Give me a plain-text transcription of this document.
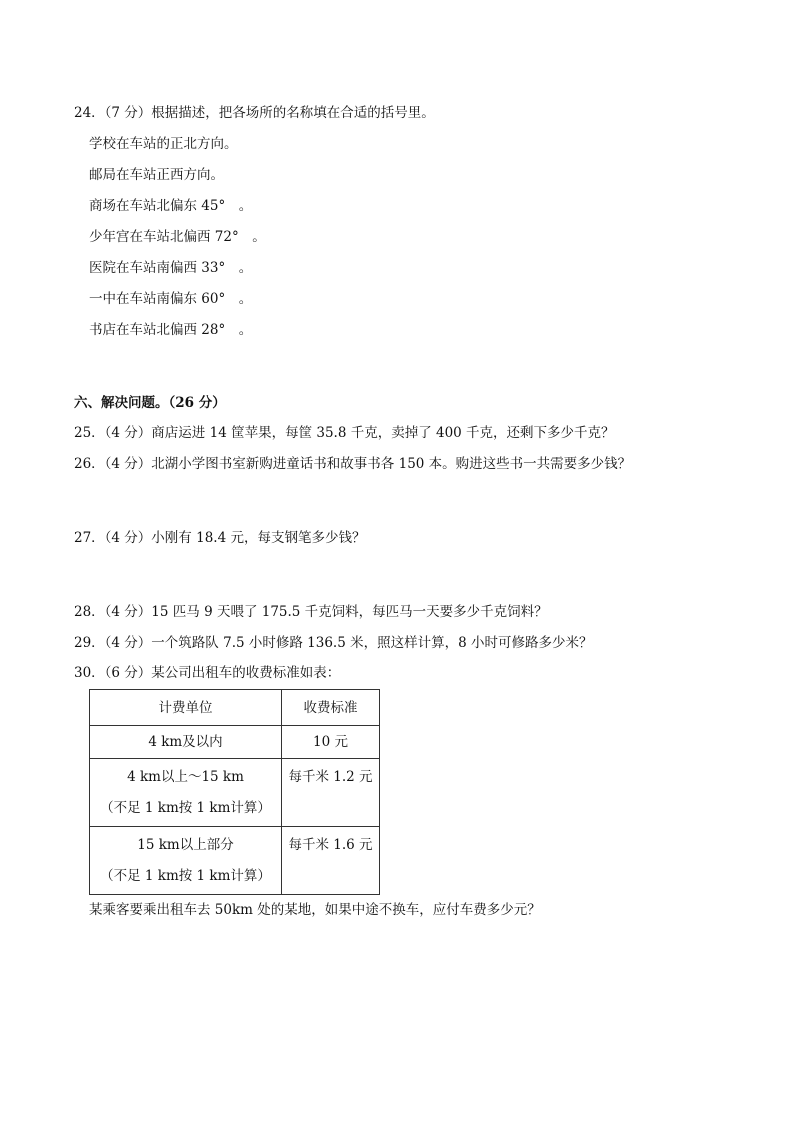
24．（7 分）根据描述，把各场所的名称填在合适的括号里。
学校在车站的正北方向。
邮局在车站正西方向。
商场在车站北偏东 45°　。
少年宫在车站北偏西 72°　。
医院在车站南偏西 33°　。
一中在车站南偏东 60°　。
书店在车站北偏西 28°　。
六、解决问题。（26 分）
25．（4 分）商店运进 14 筐苹果，每筐 35.8 千克，卖掉了 400 千克，还剩下多少千克？
26．（4 分）北湖小学图书室新购进童话书和故事书各 150 本。购进这些书一共需要多少钱？
27．（4 分）小刚有 18.4 元，每支钢笔多少钱？
28．（4 分）15 匹马 9 天喂了 175.5 千克饲料，每匹马一天要多少千克饲料？
29．（4 分）一个筑路队 7.5 小时修路 136.5 米，照这样计算，8 小时可修路多少米？
30．（6 分）某公司出租车的收费标准如表：
计费单位	收费标准
4 km及以内	10 元

4 km以上～15 km
（不足 1 km按 1 km计算）	每千米 1.2 元

15 km以上部分
（不足 1 km按 1 km计算）	每千米 1.6 元
某乘客要乘出租车去 50km 处的某地，如果中途不换车，应付车费多少元？
